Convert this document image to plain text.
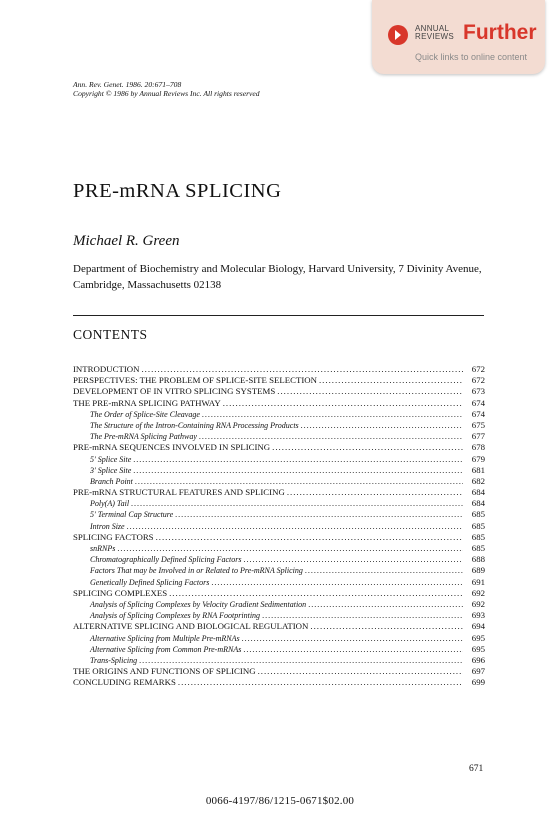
ANNUAL
REVIEWS Further
Quick links to online content
Ann. Rev. Genet. 1986. 20:671–708
Copyright © 1986 by Annual Reviews Inc. All rights reserved
PRE-mRNA SPLICING
Michael R. Green
Department of Biochemistry and Molecular Biology, Harvard University, 7 Divinity Avenue, Cambridge, Massachusetts 02138
CONTENTS
INTRODUCTION .....	672
PERSPECTIVES: THE PROBLEM OF SPLICE-SITE SELECTION .....	672
DEVELOPMENT OF IN VITRO SPLICING SYSTEMS .....	673
THE PRE-mRNA SPLICING PATHWAY .....	674
The Order of Splice-Site Cleavage .....	674
The Structure of the Intron-Containing RNA Processing Products .....	675
The Pre-mRNA Splicing Pathway .....	677
PRE-mRNA SEQUENCES INVOLVED IN SPLICING .....	678
5′ Splice Site .....	679
3′ Splice Site .....	681
Branch Point .....	682
PRE-mRNA STRUCTURAL FEATURES AND SPLICING .....	684
Poly(A) Tail .....	684
5′ Terminal Cap Structure .....	685
Intron Size .....	685
SPLICING FACTORS .....	685
snRNPs .....	685
Chromatographically Defined Splicing Factors .....	688
Factors That may be Involved in or Related to Pre-mRNA Splicing .....	689
Genetically Defined Splicing Factors .....	691
SPLICING COMPLEXES .....	692
Analysis of Splicing Complexes by Velocity Gradient Sedimentation .....	692
Analysis of Splicing Complexes by RNA Footprinting .....	693
ALTERNATIVE SPLICING AND BIOLOGICAL REGULATION .....	694
Alternative Splicing from Multiple Pre-mRNAs .....	695
Alternative Splicing from Common Pre-mRNAs .....	695
Trans-Splicing .....	696
THE ORIGINS AND FUNCTIONS OF SPLICING .....	697
CONCLUDING REMARKS .....	699
671
0066-4197/86/1215-0671$02.00
